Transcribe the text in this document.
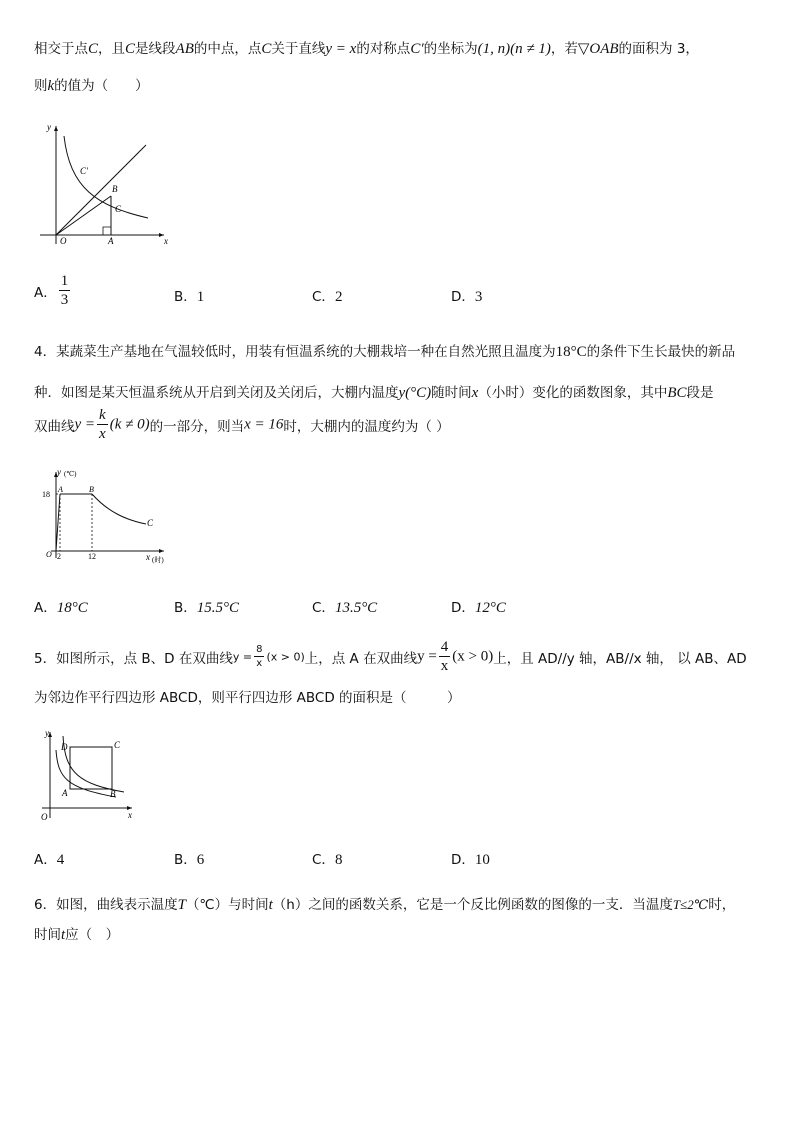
相交于点C，且C是线段AB的中点，点C关于直线y = x的对称点C′的坐标为(1, n)(n ≠ 1)，若▽OAB的面积为 3，
则k的值为（　　）
y
C′
B
C
O	A	x
A． $\frac{1}{3}$	B．1	C．2	D．3
4．某蔬菜生产基地在气温较低时，用装有恒温系统的大棚栽培一种在自然光照且温度为18°C的条件下生长最快的新品
种．如图是某天恒温系统从开启到关闭及关闭后，大棚内温度y(°C)随时间x（小时）变化的函数图象，其中BC段是
双曲线$y = \frac{k}{x} (k \ne 0)$的一部分，则当x = 16时，大棚内的温度约为（ ）
y (℃)
18
A	B
C
O 2	12	x (时)
A．18°C	B．15.5°C	C．13.5°C	D．12°C
5．如图所示，点 B、D 在双曲线$y = \frac{8}{x} (x > 0)$上，点 A 在双曲线$y = \frac{4}{x} (x > 0)$上，且 AD//y 轴，AB//x 轴， 以 AB、AD
为邻边作平行四边形 ABCD，则平行四边形 ABCD 的面积是（　　　）
y
D	C
A	B
O	x
A．4	B．6	C．8	D．10
6．如图，曲线表示温度T（℃）与时间t（h）之间的函数关系，它是一个反比例函数的图像的一支．当温度T≤2℃时，
时间t应（　）
